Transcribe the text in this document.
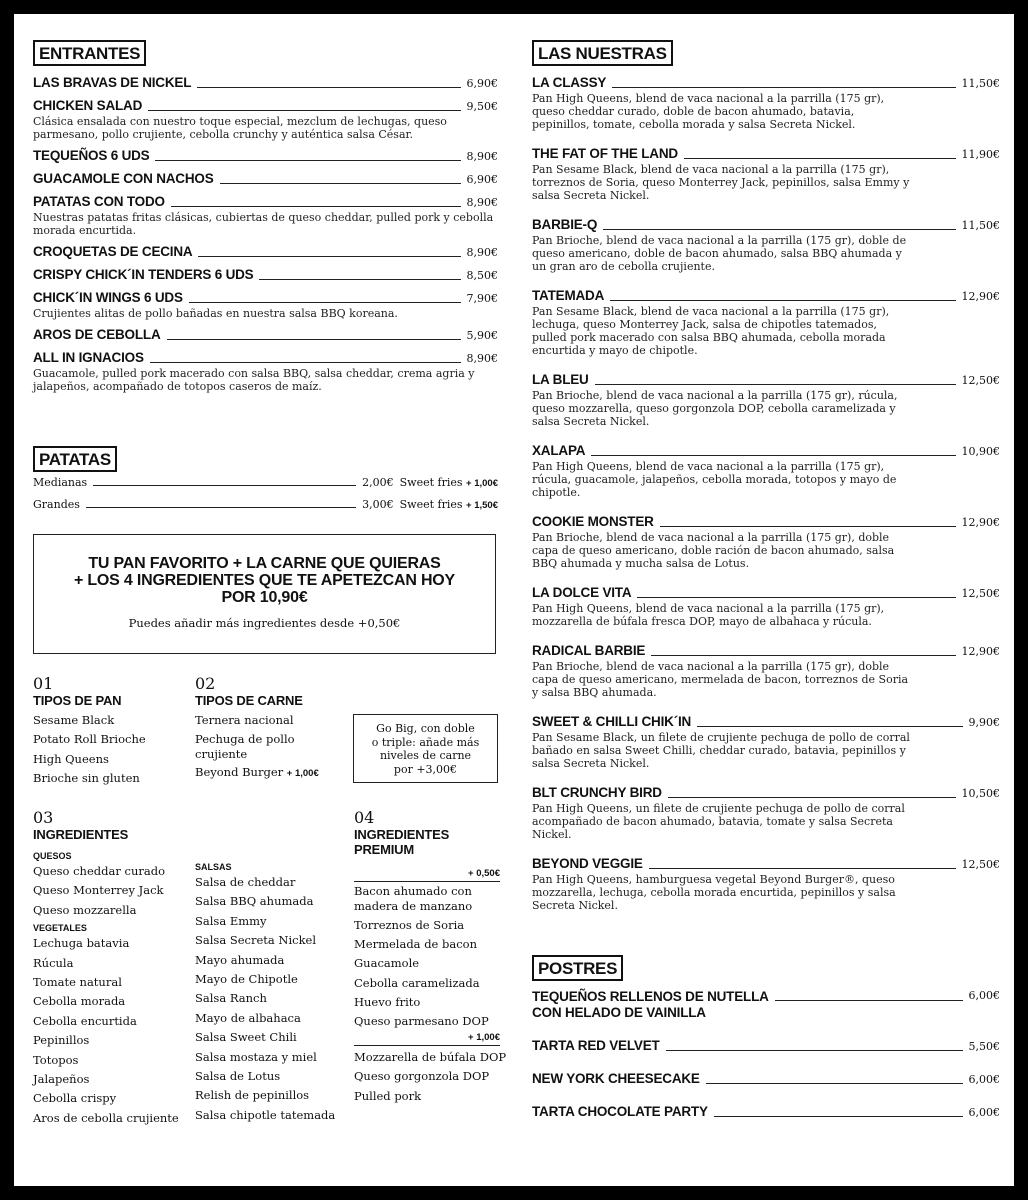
ENTRANTES
LAS BRAVAS DE NICKEL	6,90€
CHICKEN SALAD	9,50€
Clásica ensalada con nuestro toque especial, mezclum de lechugas, queso parmesano, pollo crujiente, cebolla crunchy y auténtica salsa César.
TEQUEÑOS 6 UDS	8,90€
GUACAMOLE CON NACHOS	6,90€
PATATAS CON TODO	8,90€
Nuestras patatas fritas clásicas, cubiertas de queso cheddar, pulled pork y cebolla morada encurtida.
CROQUETAS DE CECINA	8,90€
CRISPY CHICK´IN TENDERS 6 UDS	8,50€
CHICK´IN WINGS 6 UDS	7,90€
Crujientes alitas de pollo bañadas en nuestra salsa BBQ koreana.
AROS DE CEBOLLA	5,90€
ALL IN IGNACIOS	8,90€
Guacamole, pulled pork macerado con salsa BBQ, salsa cheddar, crema agria y jalapeños, acompañado de totopos caseros de maíz.
PATATAS
Medianas	2,00€ Sweet fries + 1,00€
Grandes	3,00€ Sweet fries + 1,50€
TU PAN FAVORITO + LA CARNE QUE QUIERAS
+ LOS 4 INGREDIENTES QUE TE APETEZCAN HOY
POR 10,90€
Puedes añadir más ingredientes desde +0,50€
01
TIPOS DE PAN
Sesame Black
Potato Roll Brioche
High Queens
Brioche sin gluten
02
TIPOS DE CARNE
Ternera nacional
Pechuga de pollo
crujiente
Beyond Burger + 1,00€
Go Big, con doble
o triple: añade más
niveles de carne
por +3,00€
03
INGREDIENTES
QUESOS
Queso cheddar curado
Queso Monterrey Jack
Queso mozzarella
VEGETALES
Lechuga batavia
Rúcula
Tomate natural
Cebolla morada
Cebolla encurtida
Pepinillos
Totopos
Jalapeños
Cebolla crispy
Aros de cebolla crujiente
SALSAS
Salsa de cheddar
Salsa BBQ ahumada
Salsa Emmy
Salsa Secreta Nickel
Mayo ahumada
Mayo de Chipotle
Salsa Ranch
Mayo de albahaca
Salsa Sweet Chili
Salsa mostaza y miel
Salsa de Lotus
Relish de pepinillos
Salsa chipotle tatemada
04
INGREDIENTES
PREMIUM
+ 0,50€
Bacon ahumado con madera de manzano
Torreznos de Soria
Mermelada de bacon
Guacamole
Cebolla caramelizada
Huevo frito
Queso parmesano DOP
+ 1,00€
Mozzarella de búfala DOP
Queso gorgonzola DOP
Pulled pork
LAS NUESTRAS
LA CLASSY	11,50€
Pan High Queens, blend de vaca nacional a la parrilla (175 gr), queso cheddar curado, doble de bacon ahumado, batavia, pepinillos, tomate, cebolla morada y salsa Secreta Nickel.
THE FAT OF THE LAND	11,90€
Pan Sesame Black, blend de vaca nacional a la parrilla (175 gr), torreznos de Soria, queso Monterrey Jack, pepinillos, salsa Emmy y salsa Secreta Nickel.
BARBIE-Q	11,50€
Pan Brioche, blend de vaca nacional a la parrilla (175 gr), doble de queso americano, doble de bacon ahumado, salsa BBQ ahumada y un gran aro de cebolla crujiente.
TATEMADA	12,90€
Pan Sesame Black, blend de vaca nacional a la parrilla (175 gr), lechuga, queso Monterrey Jack, salsa de chipotles tatemados, pulled pork macerado con salsa BBQ ahumada, cebolla morada encurtida y mayo de chipotle.
LA BLEU	12,50€
Pan Brioche, blend de vaca nacional a la parrilla (175 gr), rúcula, queso mozzarella, queso gorgonzola DOP, cebolla caramelizada y salsa Secreta Nickel.
XALAPA	10,90€
Pan High Queens, blend de vaca nacional a la parrilla (175 gr), rúcula, guacamole, jalapeños, cebolla morada, totopos y mayo de chipotle.
COOKIE MONSTER	12,90€
Pan Brioche, blend de vaca nacional a la parrilla (175 gr), doble capa de queso americano, doble ración de bacon ahumado, salsa BBQ ahumada y mucha salsa de Lotus.
LA DOLCE VITA	12,50€
Pan High Queens, blend de vaca nacional a la parrilla (175 gr), mozzarella de búfala fresca DOP, mayo de albahaca y rúcula.
RADICAL BARBIE	12,90€
Pan Brioche, blend de vaca nacional a la parrilla (175 gr), doble capa de queso americano, mermelada de bacon, torreznos de Soria y salsa BBQ ahumada.
SWEET & CHILLI CHIK´IN	9,90€
Pan Sesame Black, un filete de crujiente pechuga de pollo de corral bañado en salsa Sweet Chilli, cheddar curado, batavia, pepinillos y salsa Secreta Nickel.
BLT CRUNCHY BIRD	10,50€
Pan High Queens, un filete de crujiente pechuga de pollo de corral acompañado de bacon ahumado, batavia, tomate y salsa Secreta Nickel.
BEYOND VEGGIE	12,50€
Pan High Queens, hamburguesa vegetal Beyond Burger®, queso mozzarella, lechuga, cebolla morada encurtida, pepinillos y salsa Secreta Nickel.
POSTRES
TEQUEÑOS RELLENOS DE NUTELLA
CON HELADO DE VAINILLA
6,00€
TARTA RED VELVET	5,50€
NEW YORK CHEESECAKE	6,00€
TARTA CHOCOLATE PARTY	6,00€
